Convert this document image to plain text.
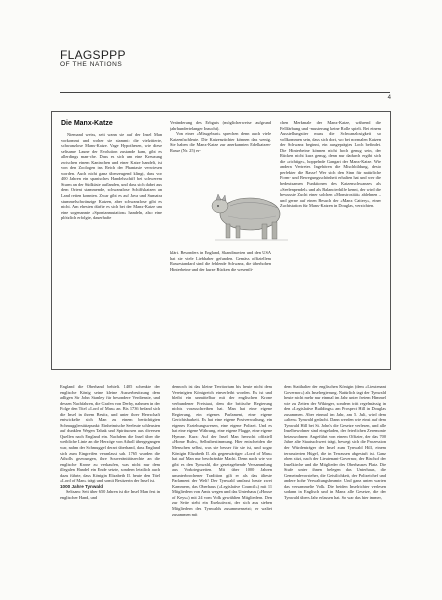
FLAGSPPP
OF THE NATIONS
4
Die Manx-Katze

Niemand weiss, seit wann sie auf der Insel Man vorkommt und woher sie stammt: die vielzitierte, schwanzlose Manx-Katze. Vage Hypothesen, wie diese seltsame Laune der Evolution zustande kam, gibt es allerdings man-che. Dass es sich um eine Kreuzung zwischen einem Kaninchen und einer Katze handelt, ist von den Zoologen ins Reich der Phantasie verwiesen worden. Auch nicht ganz überzeugend klingt, dass vor 400 Jahren ein spanisches Handelsschiff bei schwerem Sturm an der Südküste auflanden, und dass sich dabei aus dem Orient stammende, schwanzlose Schiffskatzen an Land retten konnten. Zwar gibt es auf Java und Sumatra stummelschwänzige Katzen, aber schwanzlose gibt es nicht. Am ehesten dürfte es sich bei der Manx-Katze um eine sogenannte «Spontanmutation» handeln, also eine plötzlich erfolgte, dauerhafte

Veränderung des Erbguts (möglicherweise aufgrund jahrhundertelanger Inzucht).

Von einer «Missgeburt» sprechen denn auch viele Katzenfachleute. Die Katzenzüchter können das wenig. Sie haben die Manx-Katze zur anerkannten Edelkatzen-Rasse (Nr. 25) er-

klärt. Besonders in England, Skandinavien und den USA hat sie viele Liebhaber gefunden. Gemäss offiziellem Rassestandard sind die fehlende Schwanz, die überhohen Hinterbeine und der kurze Rücken die wesentli-

chen Merkmale der Manx-Katze, während die Fellfärbung und -musterung keine Rolle spielt. Bei einem Ausstellungstier muss die Schwanzlosigkeit so vollkommen sein, dass sich dort, wo bei normalen Katzen der Schwanz beginnt, ein ausgeprägtes Loch befindet. Die Hinterbeine können nicht hoch genug sein, der Rücken nicht kurz genug, denn nur dadurch ergibt sich die «richtige», hoppelnde Gangart der Manx-Katze. Wie andern Vertreter. Ingehören die Mischbildung, desto perfekter die Rasse! Wer sich den Sinn für natürliche Form- und Bewegungsschönheit erhalten hat und wer die bedeutsamen Funktionen des Katzenschwanzes als «Seelenpendel» und als Balancierhilfe kennt, der wird die bewusste Zucht einer solchen «Monstrosität» ablehnen – und gerne auf einen Besuch der «Manx Cattery», einer Zuchtstation für Manx-Katzen in Douglas, verzichten.

England die Oberhand behielt. 1405 schenkte der englische König seine kleine Ausserbesitzung dem adligen Sir John Stanley für besondere Verdienste, und dessen Nachfahren, die Grafen von Derby, nahmen in der Folge den Titel «Lord of Man» an. Bis 1736 befand sich die Insel in ihrem Besitz, und unter ihrer Herrschaft entwickelte sich Man zu einem berüchtigten Schmugglerstützpunkt: Einheimische Seeleute schleusten auf dunklen Wegen Tabak und Spirituosen aus diversen Quellen nach England ein. Nachdem die Insel über die weibliche Linie an die Herzöge von Atholl übergegangen war, nahm der Schmuggel derart überhand, dass England sich zum Eingreifen veranlasst sah. 1765 wurden die Atholls gezwungen, ihre Souveränitätsrechte an die englische Krone zu verkaufen, was nicht nur dem illegalen Handel ein Ende setzte, sondern letztlich auch dazu führte, dass Königin Elizabeth II. heute den Titel «Lord of Man» trägt und somit Besitzerin der Insel ist.

1000 Jahre Tynwald

Seltsam: Seit über 650 Jahren ist die Insel Man fest in englischer Hand, und

dennoch ist das kleine Territorium bis heute nicht dem Vereinigten Königreich einverleibt worden. Es ist und bleibt ein unmittelbar mit der englischen Krone verbundener Freistaat, dem die britische Regierung nichts vorzuschreiben hat. Man hat eine eigene Regierung, ein eigenes Parlament, eine eigene Gerichtsbarkeit. Es hat eine eigene Postverwaltung, ein eigenes Erziehungswesen, eine eigene Polizei. Und es hat eine eigene Währung, eine eigene Flagge, eine eigene Hymne. Kurz: Auf der Insel Man herrscht offiziell «Home Rule», Selbstbestimmung. Hier entscheiden die Menschen selbst, was sie besser für sie ist, und sogar Königin Elizabeth II. als gegenwärtiger «Lord of Man» hat auf Man nur beschränkte Macht. Denn nach wie vor gibt es den Tynwald, die gesetzgebende Versammlung aus Vorkriegszeiten. Mit über 1000 Jahren ununterbrochener Tradition gilt er als das älteste Parlament der Welt! Der Tynwald umfasst heute zwei Kammern, das Oberhaus («Legislative Council») mit 11 Mitgliedern von Amts wegen und das Unterhaus («House of Keys») mit 24 vom Volk gewählten Mitgliedern. Den zur Seite steht ein Exekutivrat, der sich aus sieben Mitgliedern des Tynwalds zusammensetzt; er waltet zusammen mit

dem Statthalter der englischen Königin (dem «Lieutenant Governor») als Inselregierung. Natürlich tagt der Tynwald heute nicht mehr nur einmal im Jahr unter freiem Himmel wie zu Zeiten der Wikinger, sondern tritt regelmässig in den «Legislative Buildings» am Prospect Hill in Douglas zusammen. Aber einmal im Jahr, am 5. Juli, wird dem «alten» Tynwald gedacht. Dann werden wie einst auf dem Tynwald Hill bei St. John's die Gesetze verlesen, und alle Inselbewohner sind eingeladen, der feierlichen Zeremonie beizuwohnen: Angeführt von einem Offizier, der das 700 Jahre alte Staatsschwert trägt, bewegt sich die Prozession der Würdenträger der Insel zum Tynwald Hill, einem terrassierten Hügel, die in Terrassen abgestuft ist. Ganz oben sitzt, nach der Lieutenant-Governor, der Bischof der Inselkirche und die Mitglieder des Oberhauses Platz. Die Stufe unter ihnen belegen das Unterhaus, die Gemeindevorsteher, die Geistlichkeit, der Polizeichef und andere hohe Verwaltungsbeamte. Und ganz unten warten das versammelte Volk. Die beiden Inselrichter verlesen sodann in Englisch und in Manx alle Gesetze, die der Tynwald übers Jahr erlassen hat. So war das hier immer,
